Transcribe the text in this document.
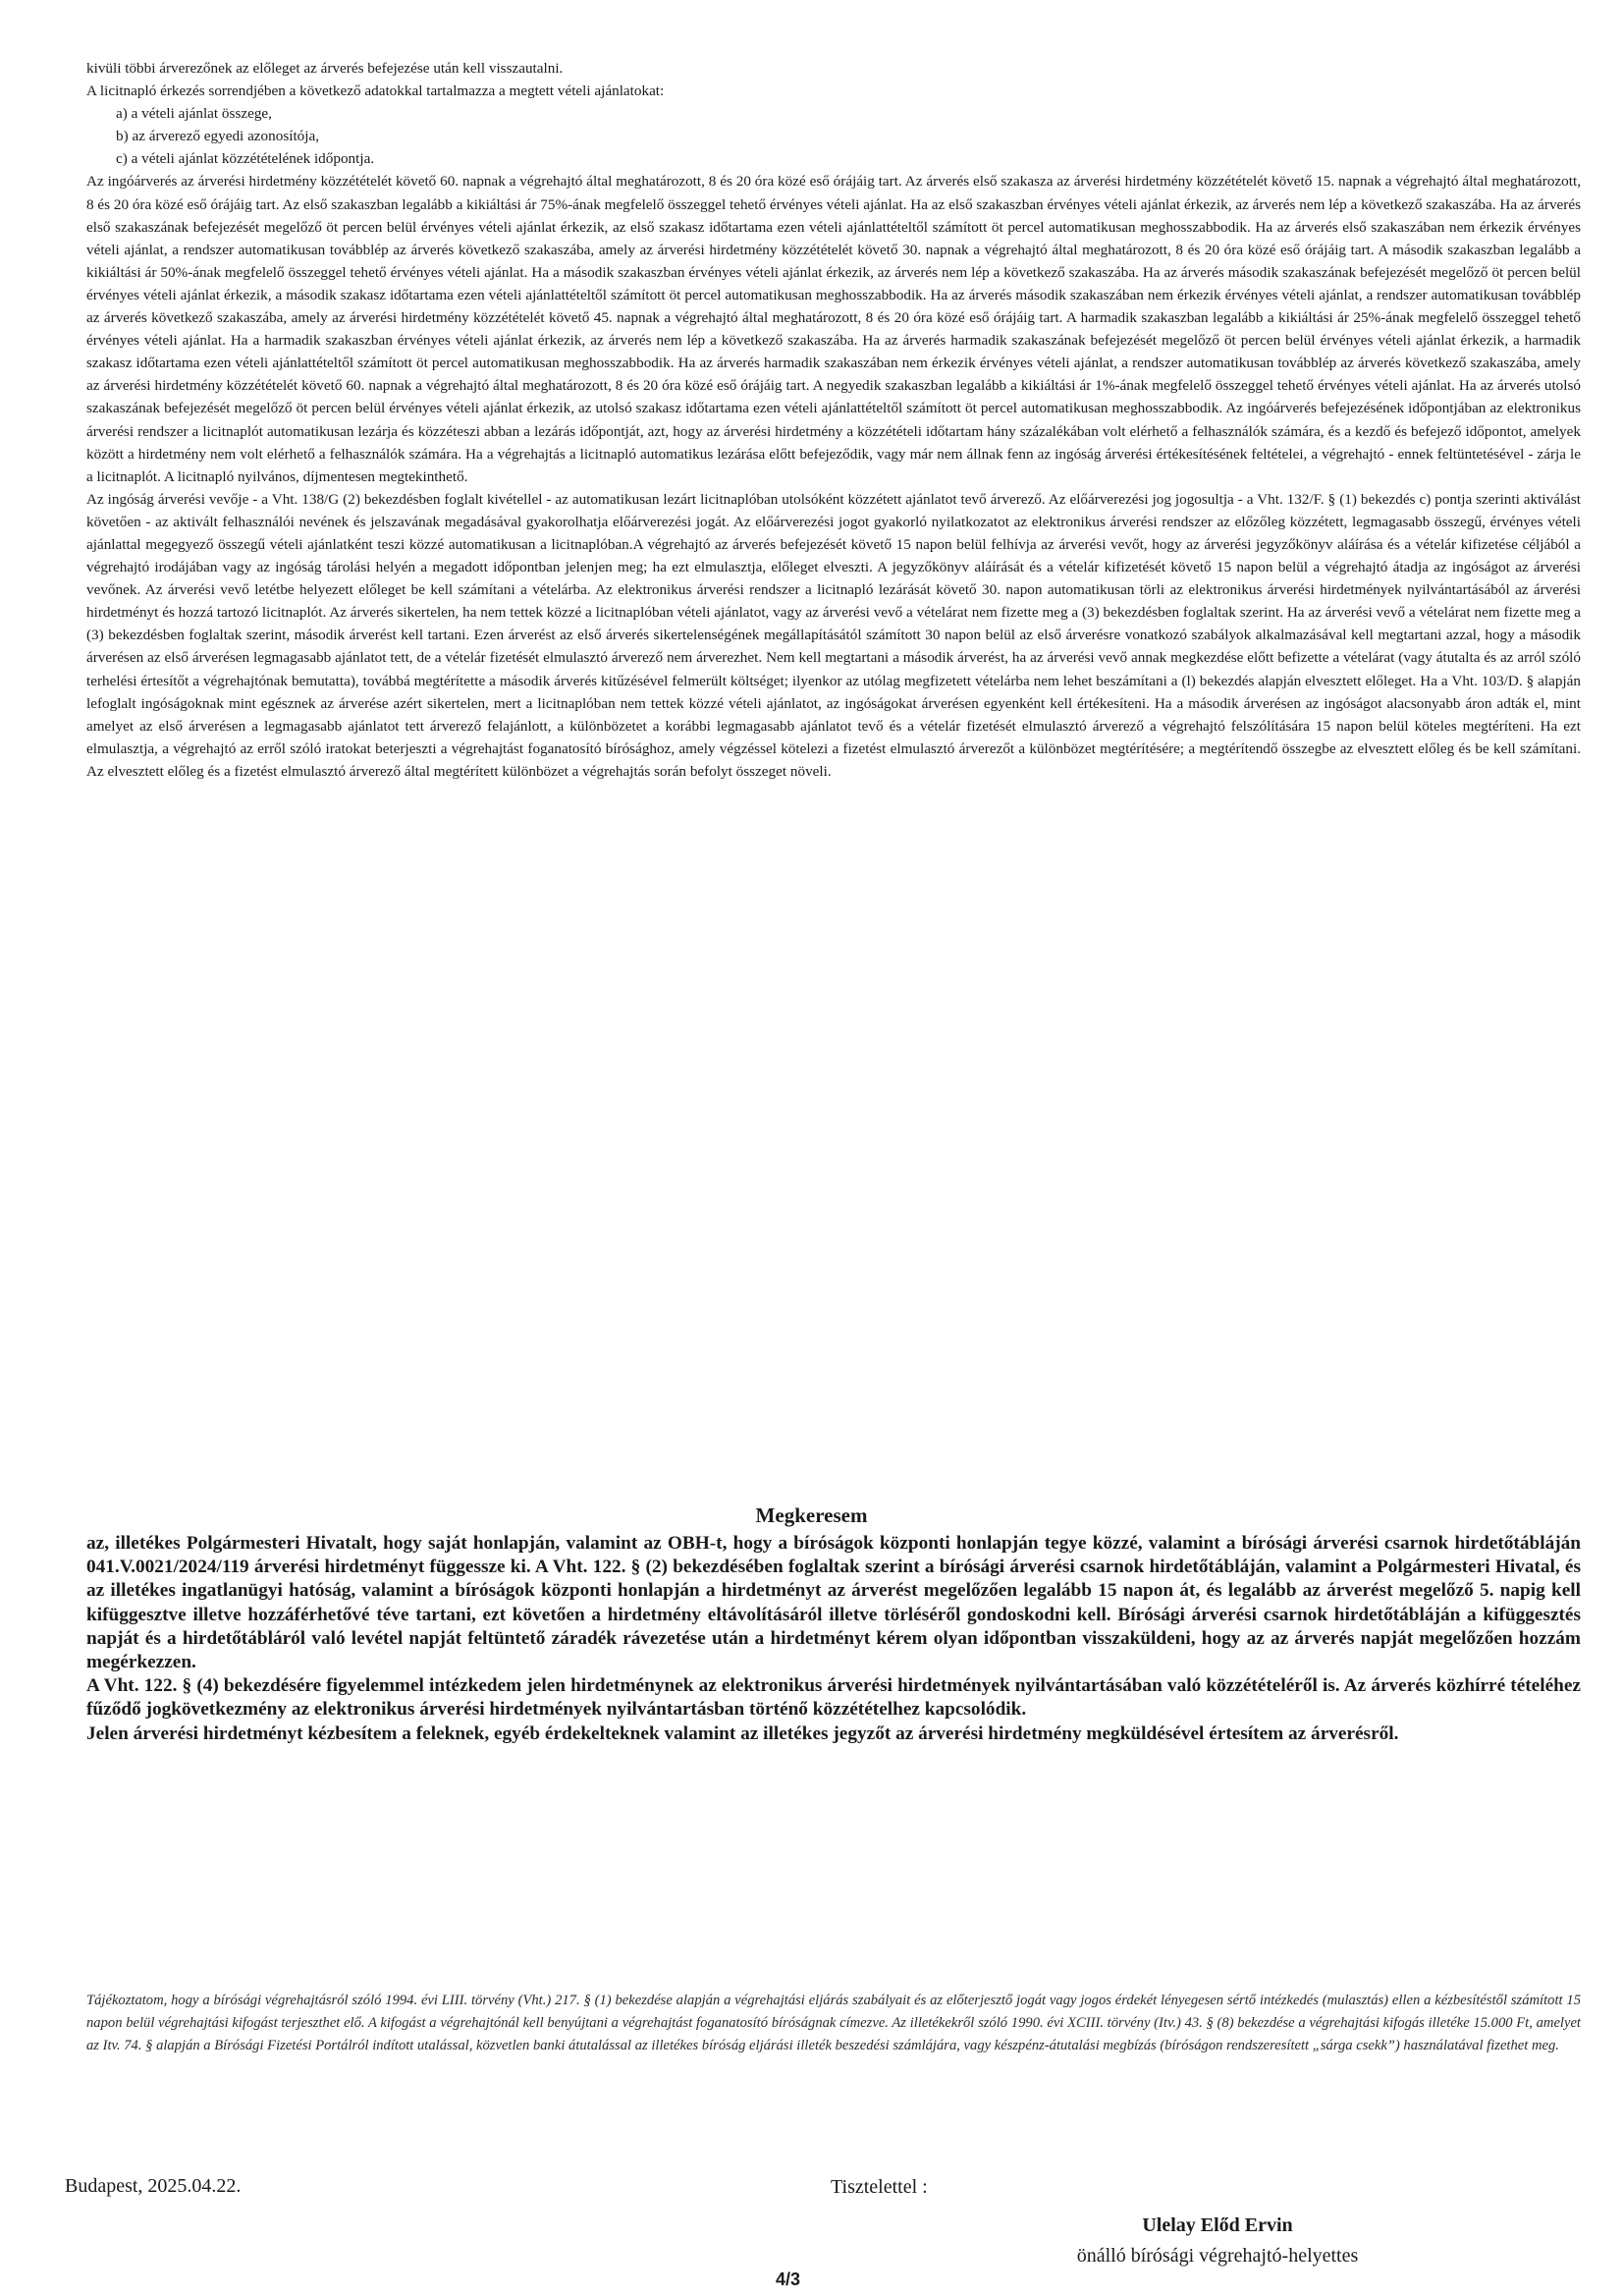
kivüli többi árverezőnek az előleget az árverés befejezése után kell visszautalni.

A licitnapló érkezés sorrendjében a következő adatokkal tartalmazza a megtett vételi ajánlatokat:

a) a vételi ajánlat összege,

b) az árverező egyedi azonosítója,

c) a vételi ajánlat közzétételének időpontja.

Az ingóárverés az árverési hirdetmény közzétételét követő 60. napnak a végrehajtó által meghatározott, 8 és 20 óra közé eső órájáig tart. Az árverés első szakasza az árverési hirdetmény közzétételét követő 15. napnak a végrehajtó által meghatározott, 8 és 20 óra közé eső órájáig tart. Az első szakaszban legalább a kikiáltási ár 75%-ának megfelelő összeggel tehető érvényes vételi ajánlat. Ha az első szakaszban érvényes vételi ajánlat érkezik, az árverés nem lép a következő szakaszába. Ha az árverés első szakaszának befejezését megelőző öt percen belül érvényes vételi ajánlat érkezik, az első szakasz időtartama ezen vételi ajánlattételtől számított öt percel automatikusan meghosszabbodik. Ha az árverés első szakaszában nem érkezik érvényes vételi ajánlat, a rendszer automatikusan továbblép az árverés következő szakaszába, amely az árverési hirdetmény közzétételét követő 30. napnak a végrehajtó által meghatározott, 8 és 20 óra közé eső órájáig tart. A második szakaszban legalább a kikiáltási ár 50%-ának megfelelő összeggel tehető érvényes vételi ajánlat. Ha a második szakaszban érvényes vételi ajánlat érkezik, az árverés nem lép a következő szakaszába. Ha az árverés második szakaszának befejezését megelőző öt percen belül érvényes vételi ajánlat érkezik, a második szakasz időtartama ezen vételi ajánlattételtől számított öt percel automatikusan meghosszabbodik. Ha az árverés második szakaszában nem érkezik érvényes vételi ajánlat, a rendszer automatikusan továbblép az árverés következő szakaszába, amely az árverési hirdetmény közzétételét követő 45. napnak a végrehajtó által meghatározott, 8 és 20 óra közé eső órájáig tart. A harmadik szakaszban legalább a kikiáltási ár 25%-ának megfelelő összeggel tehető érvényes vételi ajánlat. Ha a harmadik szakaszban érvényes vételi ajánlat érkezik, az árverés nem lép a következő szakaszába. Ha az árverés harmadik szakaszának befejezését megelőző öt percen belül érvényes vételi ajánlat érkezik, a harmadik szakasz időtartama ezen vételi ajánlattételtől számított öt percel automatikusan meghosszabbodik. Ha az árverés harmadik szakaszában nem érkezik érvényes vételi ajánlat, a rendszer automatikusan továbblép az árverés következő szakaszába, amely az árverési hirdetmény közzétételét követő 60. napnak a végrehajtó által meghatározott, 8 és 20 óra közé eső órájáig tart. A negyedik szakaszban legalább a kikiáltási ár 1%-ának megfelelő összeggel tehető érvényes vételi ajánlat. Ha az árverés utolsó szakaszának befejezését megelőző öt percen belül érvényes vételi ajánlat érkezik, az utolsó szakasz időtartama ezen vételi ajánlattételtől számított öt percel automatikusan meghosszabbodik. Az ingóárverés befejezésének időpontjában az elektronikus árverési rendszer a licitnaplót automatikusan lezárja és közzéteszi abban a lezárás időpontját, azt, hogy az árverési hirdetmény a közzétételi időtartam hány százalékában volt elérhető a felhasználók számára, és a kezdő és befejező időpontot, amelyek között a hirdetmény nem volt elérhető a felhasználók számára. Ha a végrehajtás a licitnapló automatikus lezárása előtt befejeződik, vagy már nem állnak fenn az ingóság árverési értékesítésének feltételei, a végrehajtó - ennek feltüntetésével - zárja le a licitnaplót. A licitnapló nyilvános, díjmentesen megtekinthető.

Az ingóság árverési vevője - a Vht. 138/G (2) bekezdésben foglalt kivétellel - az automatikusan lezárt licitnaplóban utolsóként közzétett ajánlatot tevő árverező. Az előárverezési jog jogosultja - a Vht. 132/F. § (1) bekezdés c) pontja szerinti aktiválást követően - az aktivált felhasználói nevének és jelszavának megadásával gyakorolhatja előárverezési jogát. Az előárverezési jogot gyakorló nyilatkozatot az elektronikus árverési rendszer az előzőleg közzétett, legmagasabb összegű, érvényes vételi ajánlattal megegyező összegű vételi ajánlatként teszi közzé automatikusan a licitnaplóban.A végrehajtó az árverés befejezését követő 15 napon belül felhívja az árverési vevőt, hogy az árverési jegyzőkönyv aláírása és a vételár kifizetése céljából a végrehajtó irodájában vagy az ingóság tárolási helyén a megadott időpontban jelenjen meg; ha ezt elmulasztja, előleget elveszti. A jegyzőkönyv aláírását és a vételár kifizetését követő 15 napon belül a végrehajtó átadja az ingóságot az árverési vevőnek. Az árverési vevő letétbe helyezett előleget be kell számítani a vételárba. Az elektronikus árverési rendszer a licitnapló lezárását követő 30. napon automatikusan törli az elektronikus árverési hirdetmények nyilvántartásából az árverési hirdetményt és hozzá tartozó licitnaplót. Az árverés sikertelen, ha nem tettek közzé a licitnaplóban vételi ajánlatot, vagy az árverési vevő a vételárat nem fizette meg a (3) bekezdésben foglaltak szerint. Ha az árverési vevő a vételárat nem fizette meg a (3) bekezdésben foglaltak szerint, második árverést kell tartani. Ezen árverést az első árverés sikertelenségének megállapításától számított 30 napon belül az első árverésre vonatkozó szabályok alkalmazásával kell megtartani azzal, hogy a második árverésen az első árverésen legmagasabb ajánlatot tett, de a vételár fizetését elmulasztó árverező nem árverezhet. Nem kell megtartani a második árverést, ha az árverési vevő annak megkezdése előtt befizette a vételárat (vagy átutalta és az arról szóló terhelési értesítőt a végrehajtónak bemutatta), továbbá megtérítette a második árverés kitűzésével felmerült költséget; ilyenkor az utólag megfizetett vételárba nem lehet beszámítani a (l) bekezdés alapján elvesztett előleget. Ha a Vht. 103/D. § alapján lefoglalt ingóságoknak mint egésznek az árverése azért sikertelen, mert a licitnaplóban nem tettek közzé vételi ajánlatot, az ingóságokat árverésen egyenként kell értékesíteni. Ha a második árverésen az ingóságot alacsonyabb áron adták el, mint amelyet az első árverésen a legmagasabb ajánlatot tett árverező felajánlott, a különbözetet a korábbi legmagasabb ajánlatot tevő és a vételár fizetését elmulasztó árverező a végrehajtó felszólítására 15 napon belül köteles megtéríteni. Ha ezt elmulasztja, a végrehajtó az erről szóló iratokat beterjeszti a végrehajtást foganatosító bírósághoz, amely végzéssel kötelezi a fizetést elmulasztó árverezőt a különbözet megtérítésére; a megtérítendő összegbe az elvesztett előleg és be kell számítani. Az elvesztett előleg és a fizetést elmulasztó árverező által megtérített különbözet a végrehajtás során befolyt összeget növeli.

Megkeresem

az, illetékes Polgármesteri Hivatalt, hogy saját honlapján, valamint az OBH-t, hogy a bíróságok központi honlapján tegye közzé, valamint a bírósági árverési csarnok hirdetőtábláján 041.V.0021/2024/119 árverési hirdetményt függessze ki. A Vht. 122. § (2) bekezdésében foglaltak szerint a bírósági árverési csarnok hirdetőtábláján, valamint a Polgármesteri Hivatal, és az illetékes ingatlanügyi hatóság, valamint a bíróságok központi honlapján a hirdetményt az árverést megelőzően legalább 15 napon át, és legalább az árverést megelőző 5. napig kell kifüggesztve illetve hozzáférhetővé téve tartani, ezt követően a hirdetmény eltávolításáról illetve törléséről gondoskodni kell. Bírósági árverési csarnok hirdetőtábláján a kifüggesztés napját és a hirdetőtábláról való levétel napját feltüntető záradék rávezetése után a hirdetményt kérem olyan időpontban visszaküldeni, hogy az az árverés napját megelőzően hozzám megérkezzen.

A Vht. 122. § (4) bekezdésére figyelemmel intézkedem jelen hirdetménynek az elektronikus árverési hirdetmények nyilvántartásában való közzétételéről is. Az árverés közhírré tételéhez fűződő jogkövetkezmény az elektronikus árverési hirdetmények nyilvántartásban történő közzétételhez kapcsolódik.

Jelen árverési hirdetményt kézbesítem a feleknek, egyéb érdekelteknek valamint az illetékes jegyzőt az árverési hirdetmény megküldésével értesítem az árverésről.

Tájékoztatom, hogy a bírósági végrehajtásról szóló 1994. évi LIII. törvény (Vht.) 217. § (1) bekezdése alapján a végrehajtási eljárás szabályait és az előterjesztő jogát vagy jogos érdekét lényegesen sértő intézkedés (mulasztás) ellen a kézbesítéstől számított 15 napon belül végrehajtási kifogást terjeszthet elő. A kifogást a végrehajtónál kell benyújtani a végrehajtást foganatosító bíróságnak címezve. Az illetékekről szóló 1990. évi XCIII. törvény (Itv.) 43. § (8) bekezdése a végrehajtási kifogás illetéke 15.000 Ft, amelyet az Itv. 74. § alapján a Bírósági Fizetési Portálról indított utalással, közvetlen banki átutalással az illetékes bíróság eljárási illeték beszedési számlájára, vagy készpénz-átutalási megbízás (bíróságon rendszeresített „sárga csekk”) használatával fizethet meg.
Budapest, 2025.04.22.	Tisztelettel :
Ulelay Előd Ervin
önálló bírósági végrehajtó-helyettes
4/3
